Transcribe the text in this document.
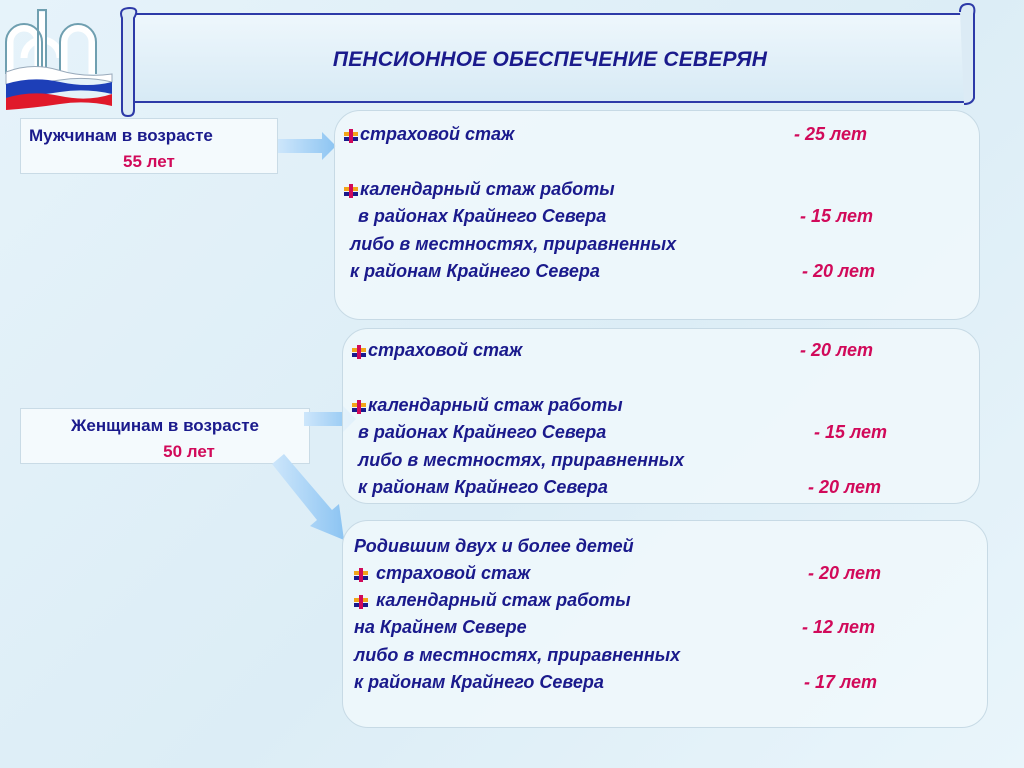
ПЕНСИОННОЕ ОБЕСПЕЧЕНИЕ СЕВЕРЯН
Мужчинам в возрасте
55 лет
Женщинам в возрасте
50 лет
страховой стаж	- 25 лет
календарный стаж работы
в районах Крайнего Севера	- 15 лет
либо в местностях, приравненных
к районам Крайнего Севера	- 20 лет
страховой стаж	- 20 лет
календарный стаж работы
в районах Крайнего Севера	- 15 лет
либо в местностях, приравненных
к районам Крайнего Севера	- 20 лет
Родившим двух и более детей
страховой стаж	- 20 лет
календарный стаж работы
на Крайнем Севере	- 12 лет
либо в местностях, приравненных
к районам Крайнего Севера	- 17 лет
